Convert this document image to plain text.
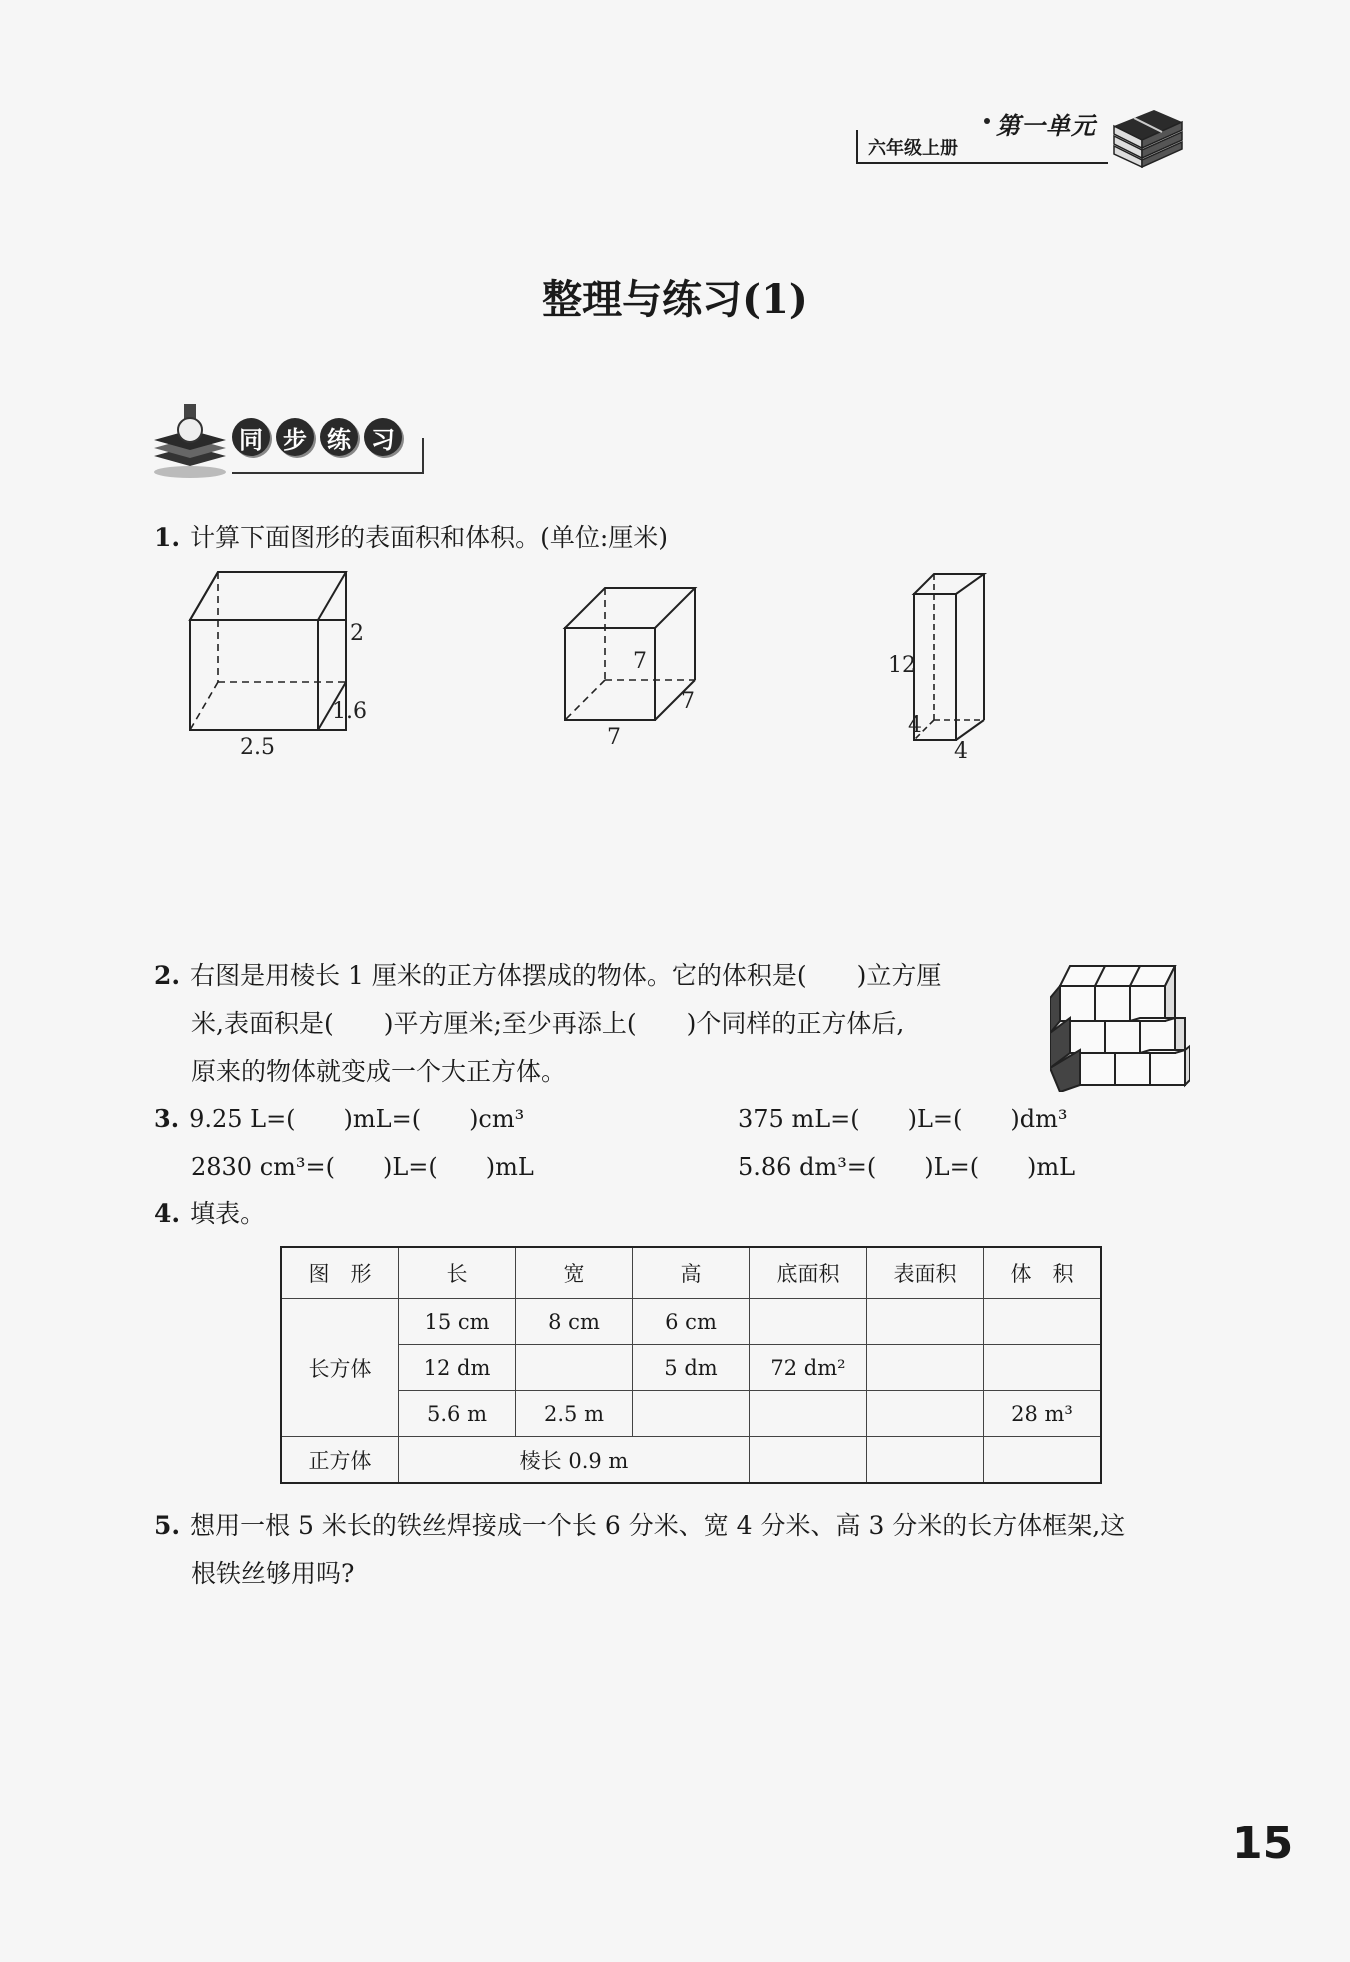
六年级上册
第一单元
整理与练习(1)
同 步 练 习
1. 计算下面图形的表面积和体积。(单位:厘米)
2
1.6
2.5
7
7
7
12
4
4
2. 右图是用棱长 1 厘米的正方体摆成的物体。它的体积是(　　)立方厘
米,表面积是(　　)平方厘米;至少再添上(　　)个同样的正方体后,
原来的物体就变成一个大正方体。
3. 9.25 L=(　　)mL=(　　)cm³	375 mL=(　　)L=(　　)dm³
2830 cm³=(　　)L=(　　)mL	5.86 dm³=(　　)L=(　　)mL
4. 填表。
图　形	长	宽	高	底面积	表面积	体　积
长方体	15 cm	8 cm	6 cm			
	12 dm		5 dm	72 dm²		
	5.6 m	2.5 m				28 m³
正方体	棱长 0.9 m					
5. 想用一根 5 米长的铁丝焊接成一个长 6 分米、宽 4 分米、高 3 分米的长方体框架,这
根铁丝够用吗?
15
